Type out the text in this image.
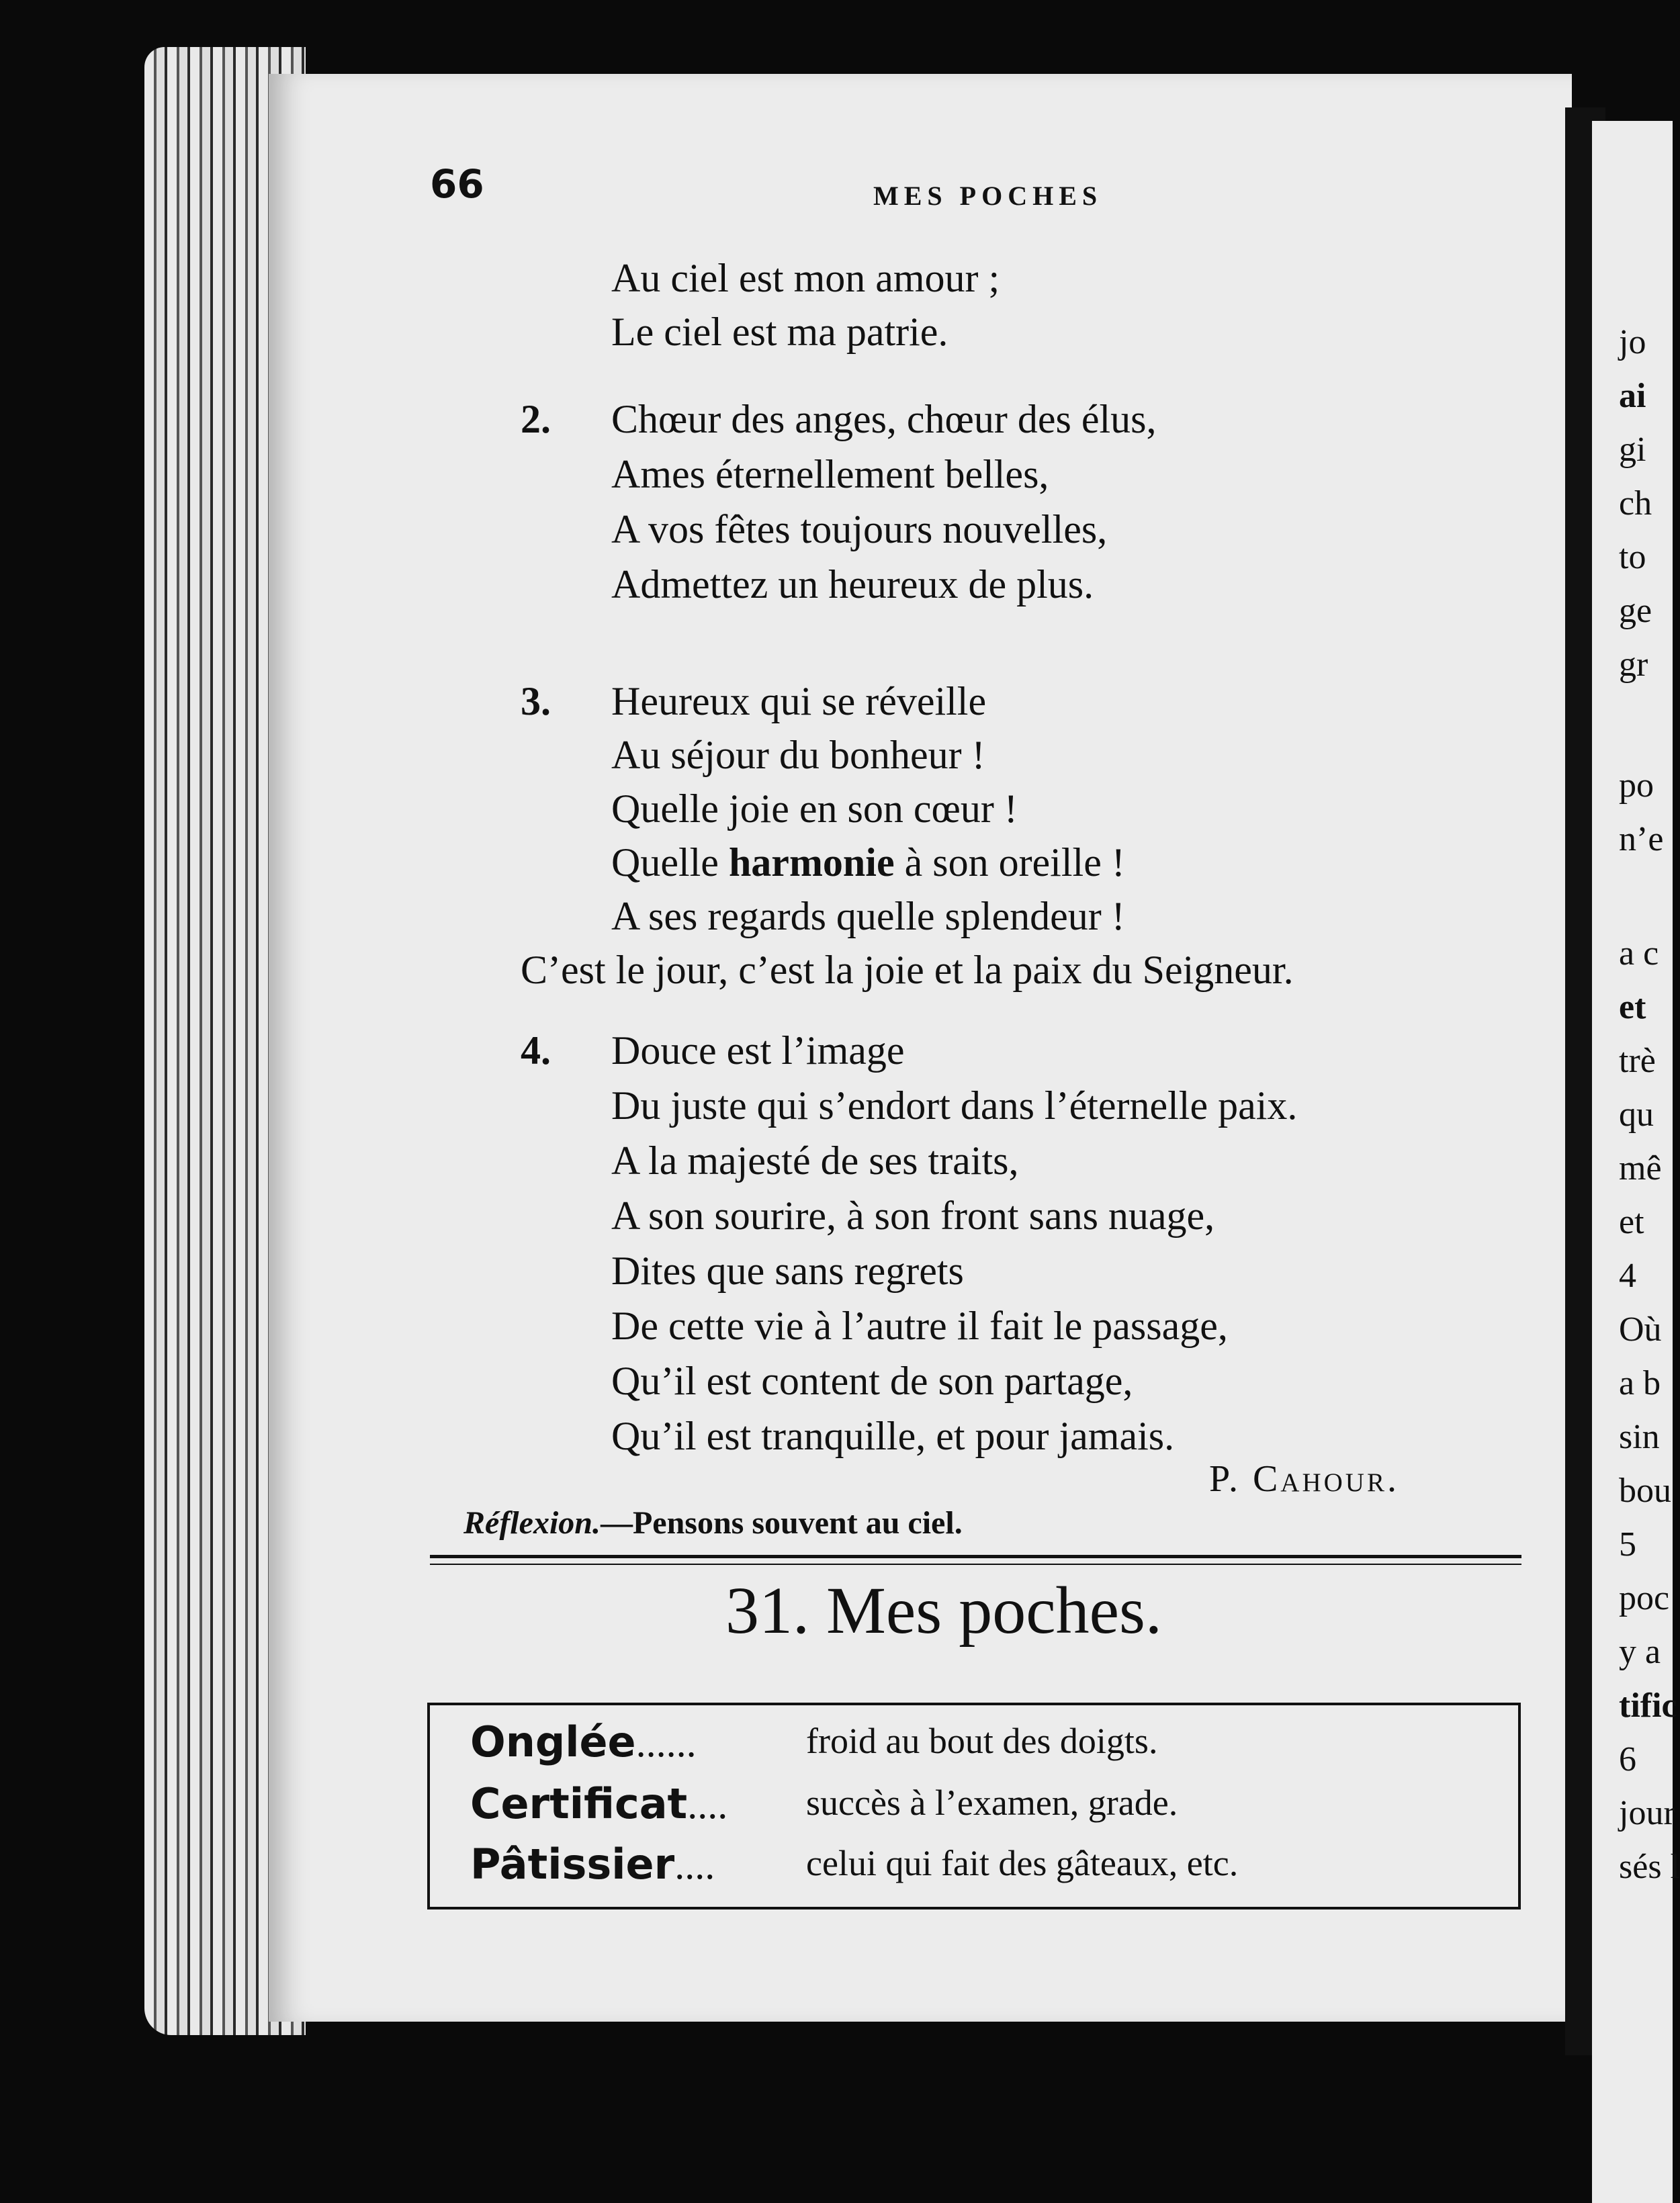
jo
ai
gi
ch
to
ge
gr
po
n’e
a c
et
trè
qu
mê
et
4
Où
a b
sin
bou
5
poc
y a
tific
6
jour
sés l
66	MES POCHES
Au ciel est mon amour ;
Le ciel est ma patrie.
2. Chœur des anges, chœur des élus,
Ames éternellement belles,
A vos fêtes toujours nouvelles,
Admettez un heureux de plus.
3. Heureux qui se réveille
Au séjour du bonheur !
Quelle joie en son cœur !
Quelle harmonie à son oreille !
A ses regards quelle splendeur !
C’est le jour, c’est la joie et la paix du Seigneur.
4. Douce est l’image
Du juste qui s’endort dans l’éternelle paix.
A la majesté de ses traits,
A son sourire, à son front sans nuage,
Dites que sans regrets
De cette vie à l’autre il fait le passage,
Qu’il est content de son partage,
Qu’il est tranquille, et pour jamais.
P. Cahour.
Réflexion.—Pensons souvent au ciel.
31. Mes poches.
Onglée......	froid au bout des doigts.
Certificat.... succès à l’examen, grade.
Pâtissier....	celui qui fait des gâteaux, etc.
